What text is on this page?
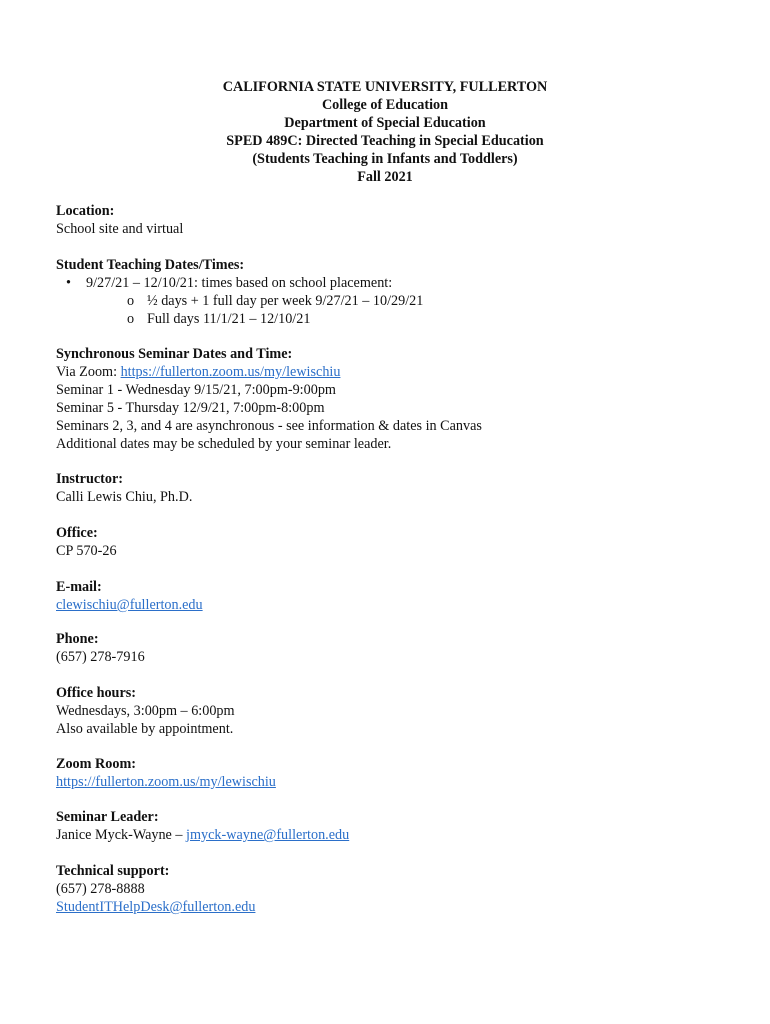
CALIFORNIA STATE UNIVERSITY, FULLERTON
College of Education
Department of Special Education
SPED 489C: Directed Teaching in Special Education
(Students Teaching in Infants and Toddlers)
Fall 2021
Location:
School site and virtual
Student Teaching Dates/Times:
• 9/27/21 – 12/10/21: times based on school placement:
o ½ days + 1 full day per week 9/27/21 – 10/29/21
o Full days 11/1/21 – 12/10/21
Synchronous Seminar Dates and Time:
Via Zoom: https://fullerton.zoom.us/my/lewischiu
Seminar 1 - Wednesday 9/15/21, 7:00pm-9:00pm
Seminar 5 - Thursday 12/9/21, 7:00pm-8:00pm
Seminars 2, 3, and 4 are asynchronous - see information & dates in Canvas
Additional dates may be scheduled by your seminar leader.
Instructor:
Calli Lewis Chiu, Ph.D.
Office:
CP 570-26
E-mail:
clewischiu@fullerton.edu
Phone:
(657) 278-7916
Office hours:
Wednesdays, 3:00pm – 6:00pm
Also available by appointment.
Zoom Room:
https://fullerton.zoom.us/my/lewischiu
Seminar Leader:
Janice Myck-Wayne – jmyck-wayne@fullerton.edu
Technical support:
(657) 278-8888
StudentITHelpDesk@fullerton.edu
